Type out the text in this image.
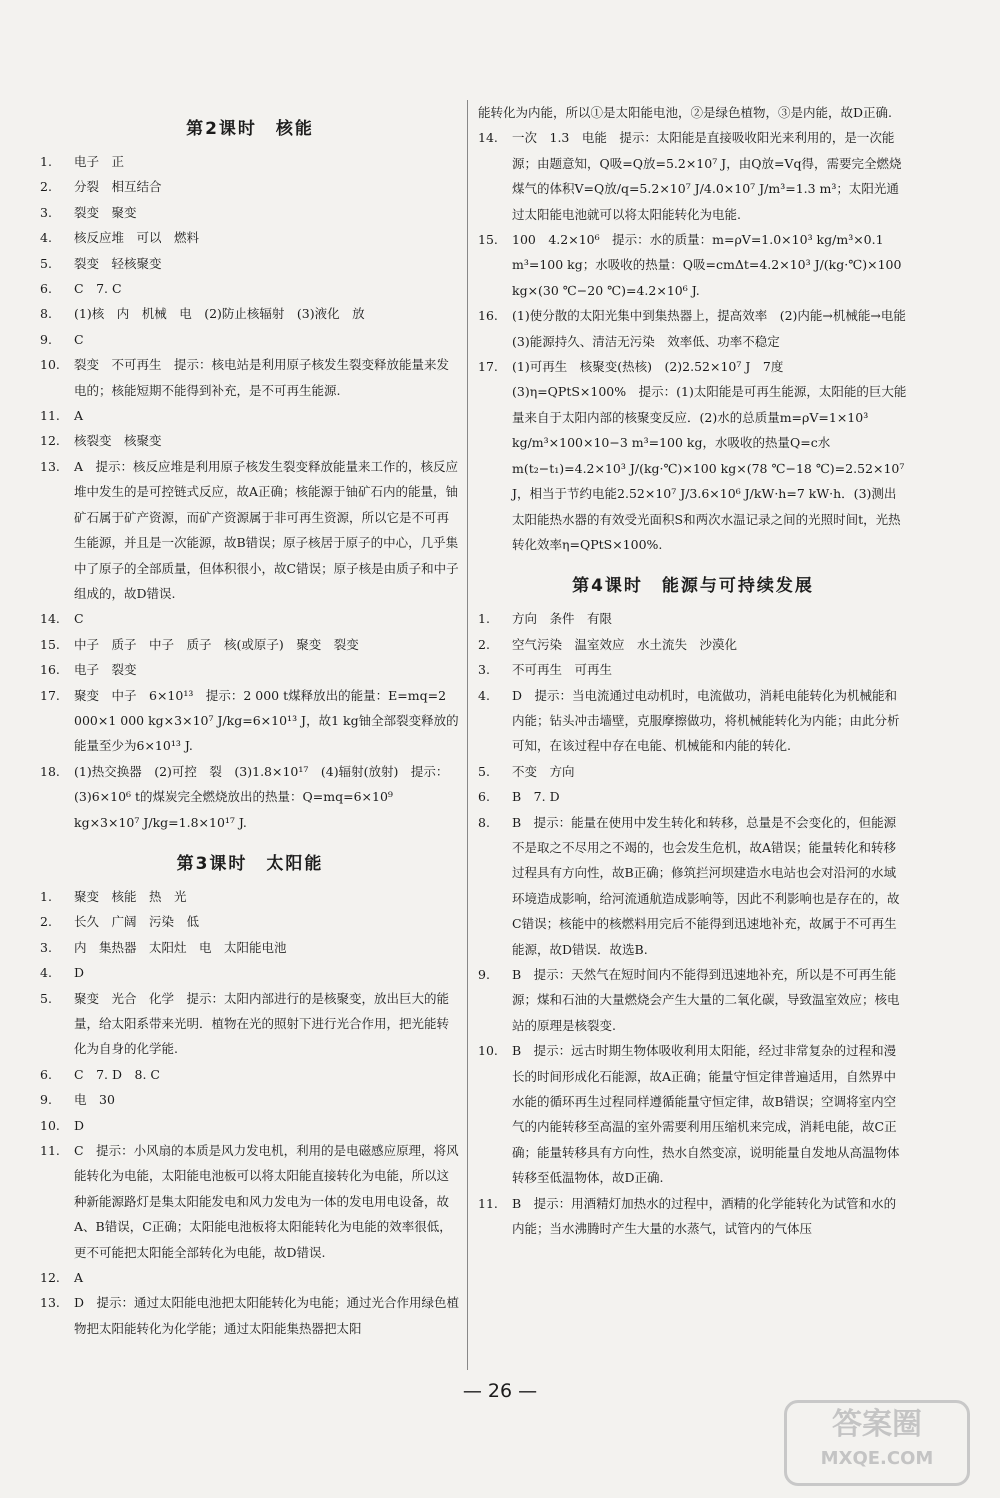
第2课时　核能
1. 电子　正
2. 分裂　相互结合
3. 裂变　聚变
4. 核反应堆　可以　燃料
5. 裂变　轻核聚变
6. C　7. C
8. (1)核　内　机械　电　(2)防止核辐射　(3)液化　放
9. C
10. 裂变　不可再生　提示：核电站是利用原子核发生裂变释放能量来发电的；核能短期不能得到补充，是不可再生能源.
11. A
12. 核裂变　核聚变
13. A　提示：核反应堆是利用原子核发生裂变释放能量来工作的，核反应堆中发生的是可控链式反应，故A正确；核能源于铀矿石内的能量，铀矿石属于矿产资源，而矿产资源属于非可再生资源，所以它是不可再生能源，并且是一次能源，故B错误；原子核居于原子的中心，几乎集中了原子的全部质量，但体积很小，故C错误；原子核是由质子和中子组成的，故D错误.
14. C
15. 中子　质子　中子　质子　核(或原子)　聚变　裂变
16. 电子　裂变
17. 聚变　中子　6×10¹³　提示：2 000 t煤释放出的能量：E=mq=2 000×1 000 kg×3×10⁷ J/kg=6×10¹³ J，故1 kg铀全部裂变释放的能量至少为6×10¹³ J.
18. (1)热交换器　(2)可控　裂　(3)1.8×10¹⁷　(4)辐射(放射)　提示：(3)6×10⁶ t的煤炭完全燃烧放出的热量：Q=mq=6×10⁹ kg×3×10⁷ J/kg=1.8×10¹⁷ J.
第3课时　太阳能
1. 聚变　核能　热　光
2. 长久　广阔　污染　低
3. 内　集热器　太阳灶　电　太阳能电池
4. D
5. 聚变　光合　化学　提示：太阳内部进行的是核聚变，放出巨大的能量，给太阳系带来光明．植物在光的照射下进行光合作用，把光能转化为自身的化学能.
6. C　7. D　8. C
9. 电　30
10. D
11. C　提示：小风扇的本质是风力发电机，利用的是电磁感应原理，将风能转化为电能，太阳能电池板可以将太阳能直接转化为电能，所以这种新能源路灯是集太阳能发电和风力发电为一体的发电用电设备，故A、B错误，C正确；太阳能电池板将太阳能转化为电能的效率很低，更不可能把太阳能全部转化为电能，故D错误.
12. A
13. D　提示：通过太阳能电池把太阳能转化为电能；通过光合作用绿色植物把太阳能转化为化学能；通过太阳能集热器把太阳
能转化为内能，所以①是太阳能电池，②是绿色植物，③是内能，故D正确.
14. 一次　1.3　电能　提示：太阳能是直接吸收阳光来利用的，是一次能源；由题意知，Q吸=Q放=5.2×10⁷ J，由Q放=Vq得，需要完全燃烧煤气的体积V=Q放/q=5.2×10⁷ J/4.0×10⁷ J/m³=1.3 m³；太阳光通过太阳能电池就可以将太阳能转化为电能.
15. 100　4.2×10⁶　提示：水的质量：m=ρV=1.0×10³ kg/m³×0.1 m³=100 kg；水吸收的热量：Q吸=cmΔt=4.2×10³ J/(kg·℃)×100 kg×(30 ℃−20 ℃)=4.2×10⁶ J.
16. (1)使分散的太阳光集中到集热器上，提高效率　(2)内能→机械能→电能　(3)能源持久、清洁无污染　效率低、功率不稳定
17. (1)可再生　核聚变(热核)　(2)2.52×10⁷ J　7度　(3)η=QPtS×100%　提示：(1)太阳能是可再生能源，太阳能的巨大能量来自于太阳内部的核聚变反应．(2)水的总质量m=ρV=1×10³ kg/m³×100×10−3 m³=100 kg，水吸收的热量Q=c水m(t₂−t₁)=4.2×10³ J/(kg·℃)×100 kg×(78 ℃−18 ℃)=2.52×10⁷ J，相当于节约电能2.52×10⁷ J/3.6×10⁶ J/kW·h=7 kW·h．(3)测出太阳能热水器的有效受光面积S和两次水温记录之间的光照时间t，光热转化效率η=QPtS×100%.
第4课时　能源与可持续发展
1. 方向　条件　有限
2. 空气污染　温室效应　水土流失　沙漠化
3. 不可再生　可再生
4. D　提示：当电流通过电动机时，电流做功，消耗电能转化为机械能和内能；钻头冲击墙壁，克服摩擦做功，将机械能转化为内能；由此分析可知，在该过程中存在电能、机械能和内能的转化.
5. 不变　方向
6. B　7. D
8. B　提示：能量在使用中发生转化和转移，总量是不会变化的，但能源不是取之不尽用之不竭的，也会发生危机，故A错误；能量转化和转移过程具有方向性，故B正确；修筑拦河坝建造水电站也会对沿河的水域环境造成影响，给河流通航造成影响等，因此不利影响也是存在的，故C错误；核能中的核燃料用完后不能得到迅速地补充，故属于不可再生能源，故D错误．故选B.
9. B　提示：天然气在短时间内不能得到迅速地补充，所以是不可再生能源；煤和石油的大量燃烧会产生大量的二氧化碳，导致温室效应；核电站的原理是核裂变.
10. B　提示：远古时期生物体吸收利用太阳能，经过非常复杂的过程和漫长的时间形成化石能源，故A正确；能量守恒定律普遍适用，自然界中水能的循环再生过程同样遵循能量守恒定律，故B错误；空调将室内空气的内能转移至高温的室外需要利用压缩机来完成，消耗电能，故C正确；能量转移具有方向性，热水自然变凉，说明能量自发地从高温物体转移至低温物体，故D正确.
11. B　提示：用酒精灯加热水的过程中，酒精的化学能转化为试管和水的内能；当水沸腾时产生大量的水蒸气，试管内的气体压
— 26 —
答案圈
MXQE.COM
